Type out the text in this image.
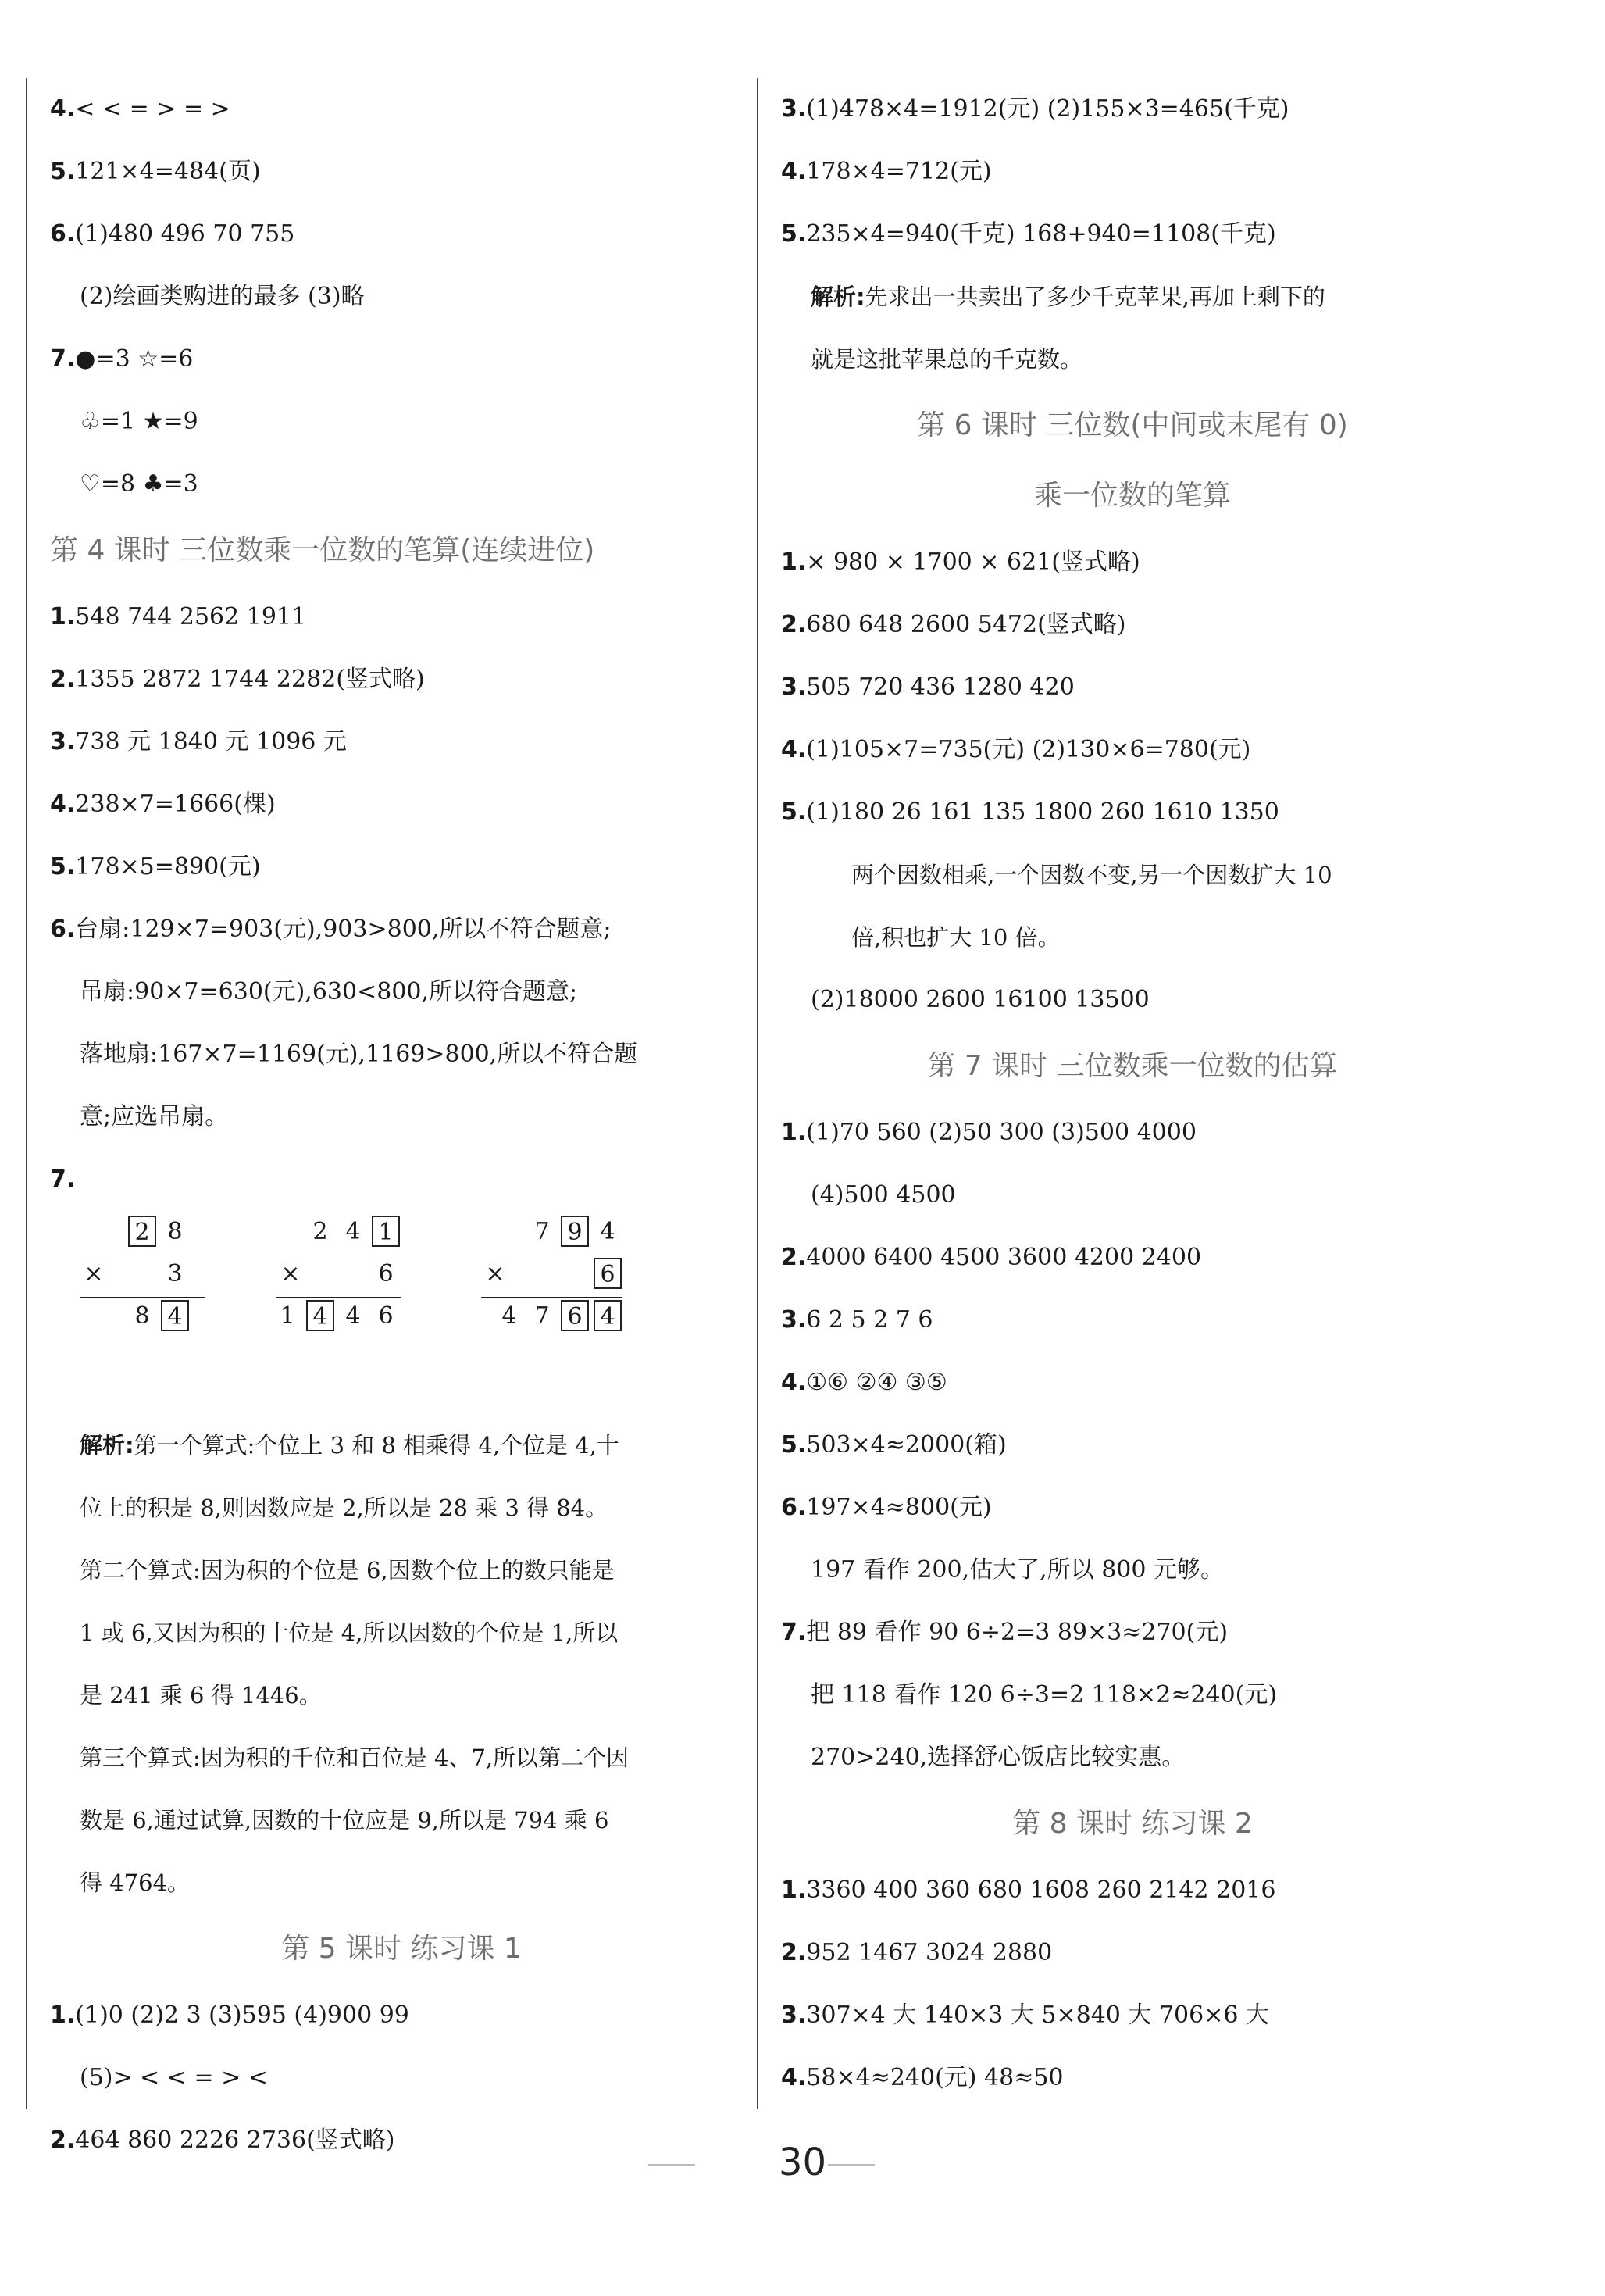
4.< < = > = >
5.121×4=484(页)
6.(1)480 496 70 755
(2)绘画类购进的最多 (3)略
7.●=3 ☆=6
♧=1 ★=9
♡=8 ♣=3
第 4 课时 三位数乘一位数的笔算(连续进位)
1.548 744 2562 1911
2.1355 2872 1744 2282(竖式略)
3.738 元 1840 元 1096 元
4.238×7=1666(棵)
5.178×5=890(元)
6.台扇:129×7=903(元),903>800,所以不符合题意;
吊扇:90×7=630(元),630<800,所以符合题意;
落地扇:167×7=1169(元),1169>800,所以不符合题
意;应选吊扇。
7.
2 8
×	3
8 4
2 4 1
×	6
1 4 4 6
7 9 4
×	6
4 7 6 4
解析:第一个算式:个位上 3 和 8 相乘得 4,个位是 4,十
位上的积是 8,则因数应是 2,所以是 28 乘 3 得 84。
第二个算式:因为积的个位是 6,因数个位上的数只能是
1 或 6,又因为积的十位是 4,所以因数的个位是 1,所以
是 241 乘 6 得 1446。
第三个算式:因为积的千位和百位是 4、7,所以第二个因
数是 6,通过试算,因数的十位应是 9,所以是 794 乘 6
得 4764。
第 5 课时 练习课 1
1.(1)0 (2)2 3 (3)595 (4)900 99
(5)> < < = > <
2.464 860 2226 2736(竖式略)
3.(1)478×4=1912(元) (2)155×3=465(千克)
4.178×4=712(元)
5.235×4=940(千克) 168+940=1108(千克)
解析:先求出一共卖出了多少千克苹果,再加上剩下的
就是这批苹果总的千克数。
第 6 课时 三位数(中间或末尾有 0)
乘一位数的笔算
1.× 980 × 1700 × 621(竖式略)
2.680 648 2600 5472(竖式略)
3.505 720 436 1280 420
4.(1)105×7=735(元) (2)130×6=780(元)
5.(1)180 26 161 135 1800 260 1610 1350
两个因数相乘,一个因数不变,另一个因数扩大 10
倍,积也扩大 10 倍。
(2)18000 2600 16100 13500
第 7 课时 三位数乘一位数的估算
1.(1)70 560 (2)50 300 (3)500 4000
(4)500 4500
2.4000 6400 4500 3600 4200 2400
3.6 2 5 2 7 6
4.①⑥ ②④ ③⑤
5.503×4≈2000(箱)
6.197×4≈800(元)
197 看作 200,估大了,所以 800 元够。
7.把 89 看作 90 6÷2=3 89×3≈270(元)
把 118 看作 120 6÷3=2 118×2≈240(元)
270>240,选择舒心饭店比较实惠。
第 8 课时 练习课 2
1.3360 400 360 680 1608 260 2142 2016
2.952 1467 3024 2880
3.307×4 大 140×3 大 5×840 大 706×6 大
4.58×4≈240(元) 48≈50
30
